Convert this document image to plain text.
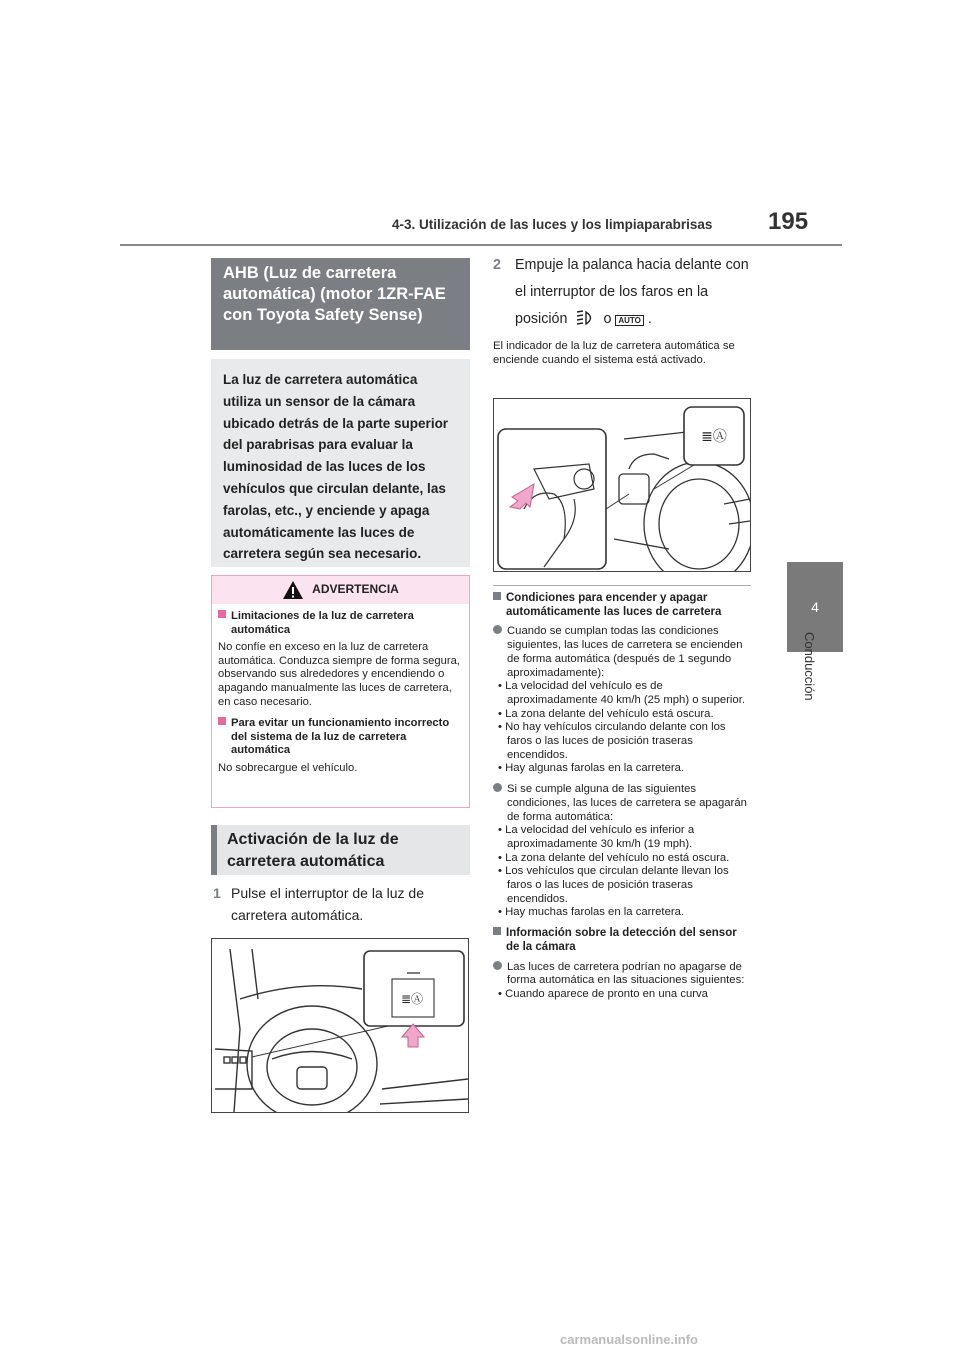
4-3. Utilización de las luces y los limpiaparabrisas 195
4
Conducción
AHB (Luz de carretera automática) (motor 1ZR-FAE con Toyota Safety Sense)
La luz de carretera automática utiliza un sensor de la cámara ubicado detrás de la parte superior del parabrisas para evaluar la luminosidad de las luces de los vehículos que circulan delante, las farolas, etc., y enciende y apaga automáticamente las luces de carretera según sea necesario.
ADVERTENCIA
Limitaciones de la luz de carretera automática
No confíe en exceso en la luz de carretera automática. Conduzca siempre de forma segura, observando sus alrededores y encendiendo o apagando manualmente las luces de carretera, en caso necesario.
Para evitar un funcionamiento incorrecto del sistema de la luz de carretera automática
No sobrecargue el vehículo.
Activación de la luz de carretera automática
1 Pulse el interruptor de la luz de carretera automática.
≣Ⓐ
2 Empuje la palanca hacia delante con el interruptor de los faros en la posición	o AUTO .
El indicador de la luz de carretera automática se enciende cuando el sistema está activado.
≣Ⓐ
Condiciones para encender y apagar automáticamente las luces de carretera
Cuando se cumplan todas las condiciones siguientes, las luces de carretera se encienden de forma automática (después de 1 segundo aproximadamente):
• La velocidad del vehículo es de aproximadamente 40 km/h (25 mph) o superior.
• La zona delante del vehículo está oscura.
• No hay vehículos circulando delante con los faros o las luces de posición traseras encendidos.
• Hay algunas farolas en la carretera.
Si se cumple alguna de las siguientes condiciones, las luces de carretera se apagarán de forma automática:
• La velocidad del vehículo es inferior a aproximadamente 30 km/h (19 mph).
• La zona delante del vehículo no está oscura.
• Los vehículos que circulan delante llevan los faros o las luces de posición traseras encendidos.
• Hay muchas farolas en la carretera.
Información sobre la detección del sensor de la cámara
Las luces de carretera podrían no apagarse de forma automática en las situaciones siguientes:
• Cuando aparece de pronto en una curva
carmanualsonline.info
